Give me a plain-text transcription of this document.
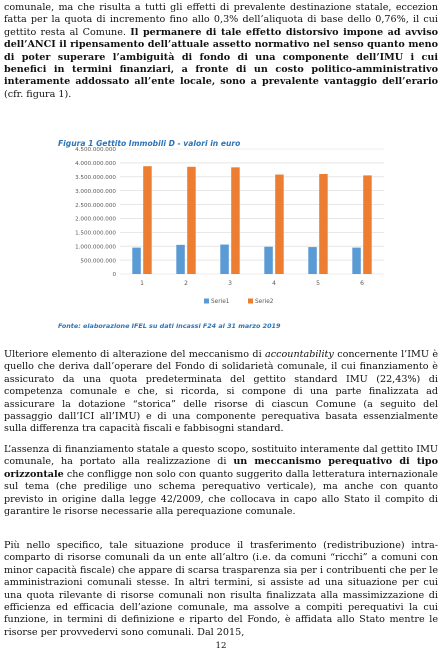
comunale, ma che risulta a tutti gli effetti di prevalente destinazione statale, eccezion fatta per la quota di incremento fino allo 0,3% dell’aliquota di base dello 0,76%, il cui gettito resta al Comune. Il permanere di tale effetto distorsivo impone ad avviso dell’ANCI il ripensamento dell’attuale assetto normativo nel senso quanto meno di poter superare l’ambiguità di fondo di una componente dell’IMU i cui benefici in termini finanziari, a fronte di un costo politico-amministrativo interamente addossato all’ente locale, sono a prevalente vantaggio dell’erario (cfr. figura 1).

Figura 1 Gettito Immobili D - valori in euro

0
500.000.000
1.000.000.000
1.500.000.000
2.000.000.000
2.500.000.000
3.000.000.000
3.500.000.000
4.000.000.000
4.500.000.000
1	2	3	4	5	6
Serie1	Serie2

Fonte: elaborazione IFEL su dati incassi F24 al 31 marzo 2019

Ulteriore elemento di alterazione del meccanismo di accountability concernente l’IMU è quello che deriva dall’operare del Fondo di solidarietà comunale, il cui finanziamento è assicurato da una quota predeterminata del gettito standard IMU (22,43%) di competenza comunale e che, si ricorda, si compone di una parte finalizzata ad assicurare la dotazione “storica” delle risorse di ciascun Comune (a seguito del passaggio dall’ICI all’IMU) e di una componente perequativa basata essenzialmente sulla differenza tra capacità fiscali e fabbisogni standard.

L’assenza di finanziamento statale a questo scopo, sostituito interamente dal gettito IMU comunale, ha portato alla realizzazione di un meccanismo perequativo di tipo orizzontale che confligge non solo con quanto suggerito dalla letteratura internazionale sul tema (che predilige uno schema perequativo verticale), ma anche con quanto previsto in origine dalla legge 42/2009, che collocava in capo allo Stato il compito di garantire le risorse necessarie alla perequazione comunale.

Più nello specifico, tale situazione produce il trasferimento (redistribuzione) intra-comparto di risorse comunali da un ente all’altro (i.e. da comuni “ricchi” a comuni con minor capacità fiscale) che appare di scarsa trasparenza sia per i contribuenti che per le amministrazioni comunali stesse. In altri termini, si assiste ad una situazione per cui una quota rilevante di risorse comunali non risulta finalizzata alla massimizzazione di efficienza ed efficacia dell’azione comunale, ma assolve a compiti perequativi la cui funzione, in termini di definizione e riparto del Fondo, è affidata allo Stato mentre le risorse per provvedervi sono comunali. Dal 2015,

12
